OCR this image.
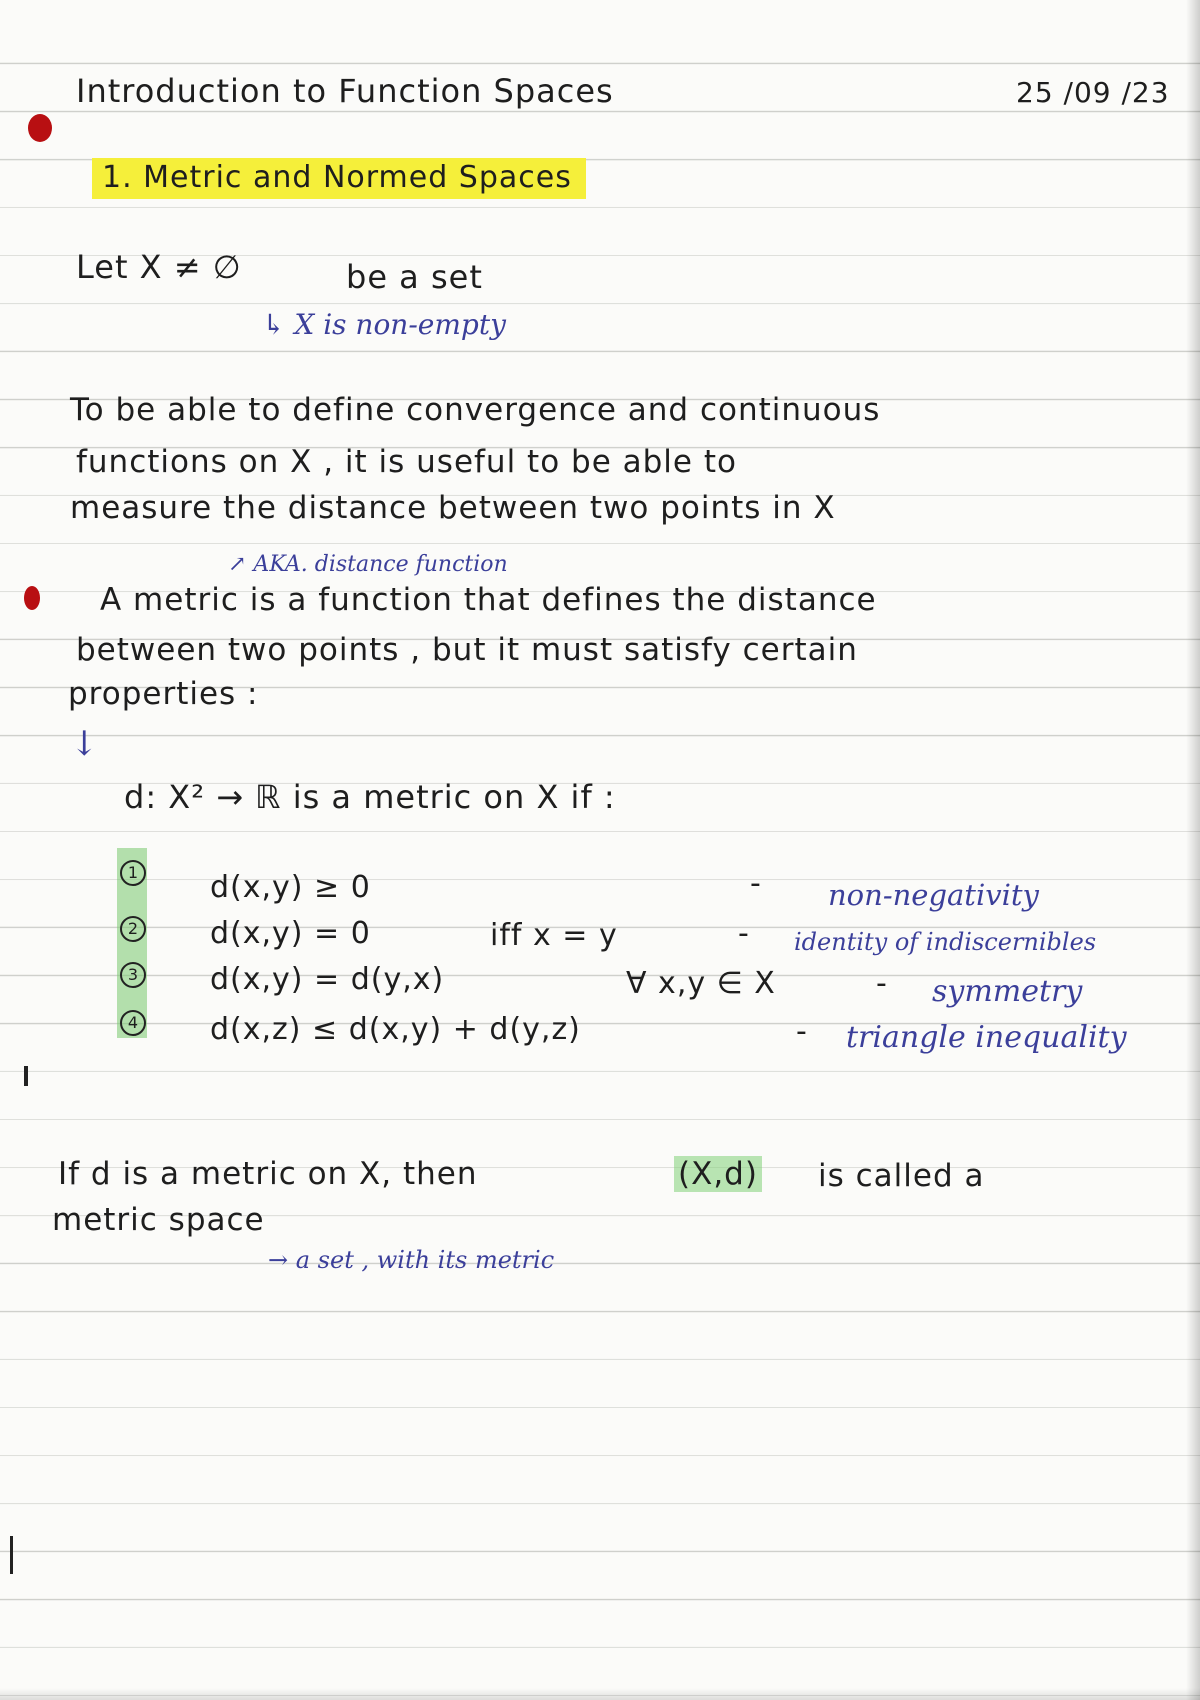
Introduction to Function Spaces	25 /09 /23
1. Metric and Normed Spaces
Let X ≠ ∅	be a set
↳ X is non-empty
To be able to define convergence and continuous
functions on X , it is useful to be able to
measure the distance between two points in X
↗ AKA. distance function
A metric is a function that defines the distance
between two points , but it must satisfy certain
properties :
↓
d: X² → ℝ is a metric on X if :
1 d(x,y) ≥ 0	- non-negativity
2 d(x,y) = 0	iff x = y	- identity of indiscernibles
3 d(x,y) = d(y,x)	∀ x,y ∈ X	- symmetry
4 d(x,z) ≤ d(x,y) + d(y,z)	- triangle inequality
If d is a metric on X, then	(X,d) is called a
metric space
→ a set , with its metric
